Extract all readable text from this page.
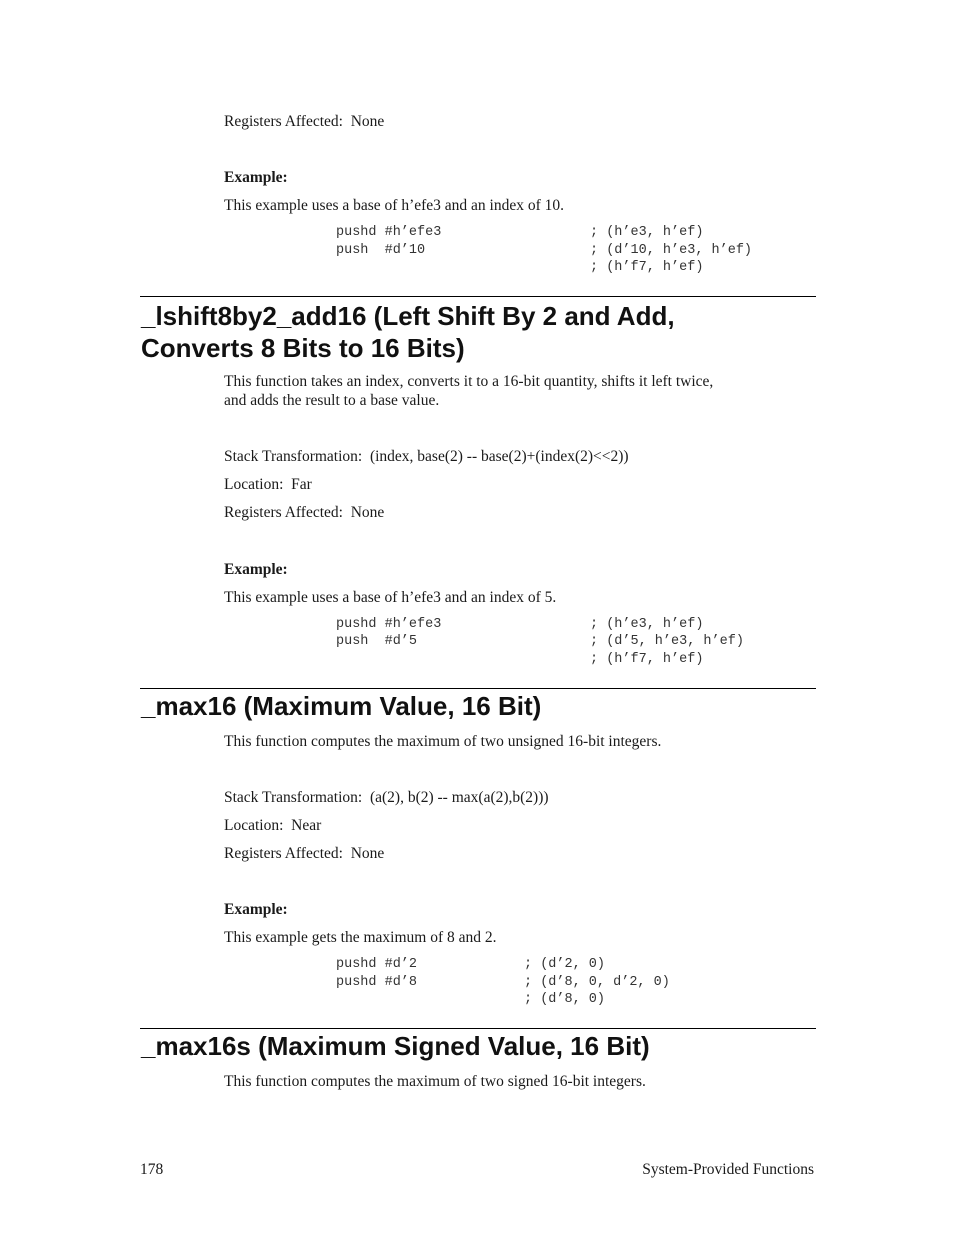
Registers Affected:  None
Example:
This example uses a base of h’efe3 and an index of 10.
pushd #h’efe3	; (h’e3, h’ef)
push  #d’10	; (d’10, h’e3, h’ef)
; (h’f7, h’ef)
_lshift8by2_add16 (Left Shift By 2 and Add,
Converts 8 Bits to 16 Bits)
This function takes an index, converts it to a 16-bit quantity, shifts it left twice,
and adds the result to a base value.
Stack Transformation:  (index, base(2) -- base(2)+(index(2)<<2))
Location:  Far
Registers Affected:  None
Example:
This example uses a base of h’efe3 and an index of 5.
pushd #h’efe3	; (h’e3, h’ef)
push  #d’5	; (d’5, h’e3, h’ef)
; (h’f7, h’ef)
_max16 (Maximum Value, 16 Bit)
This function computes the maximum of two unsigned 16-bit integers.
Stack Transformation:  (a(2), b(2) -- max(a(2),b(2)))
Location:  Near
Registers Affected:  None
Example:
This example gets the maximum of 8 and 2.
pushd #d’2	; (d’2, 0)
pushd #d’8	; (d’8, 0, d’2, 0)
; (d’8, 0)
_max16s (Maximum Signed Value, 16 Bit)
This function computes the maximum of two signed 16-bit integers.
178	System-Provided Functions
